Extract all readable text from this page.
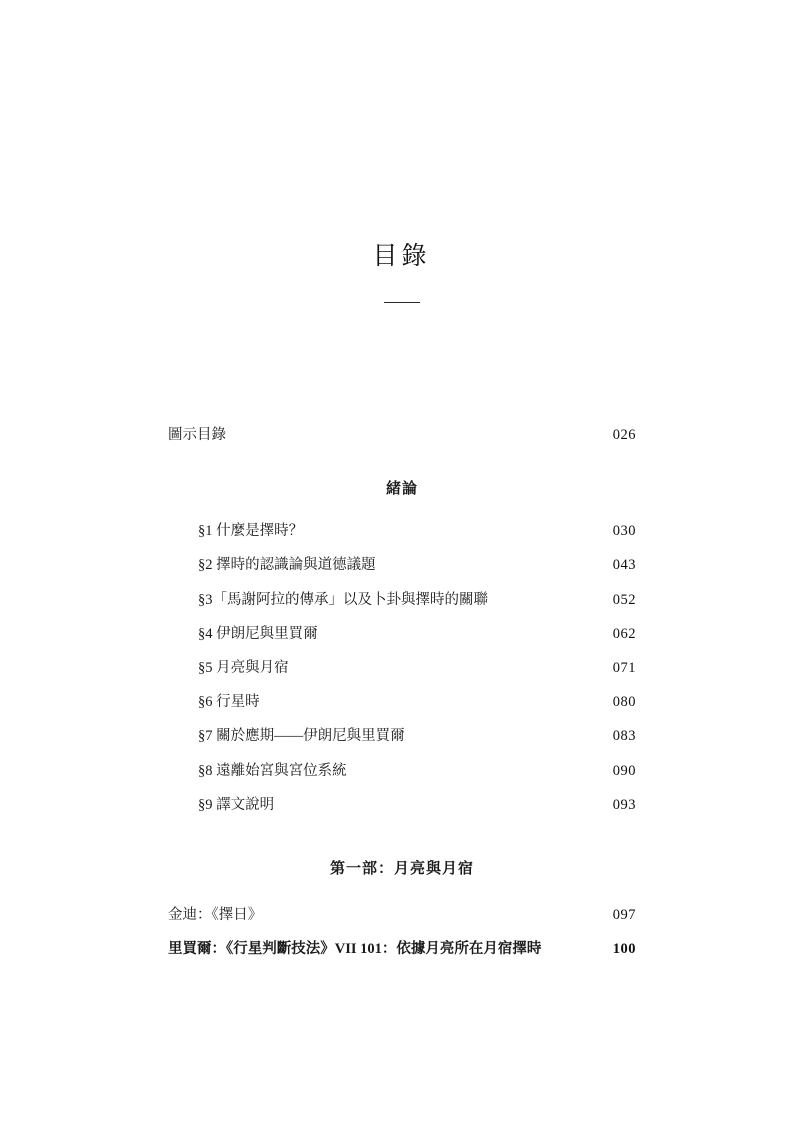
目錄
圖示目錄	026
緒論
§1 什麼是擇時？	030
§2 擇時的認識論與道德議題	043
§3「馬謝阿拉的傳承」以及卜卦與擇時的關聯	052
§4 伊朗尼與里買爾	062
§5 月亮與月宿	071
§6 行星時	080
§7 關於應期——伊朗尼與里買爾	083
§8 遠離始宮與宮位系統	090
§9 譯文說明	093
第一部：月亮與月宿
金迪：《擇日》	097
里買爾：《行星判斷技法》VII 101：依據月亮所在月宿擇時	100
